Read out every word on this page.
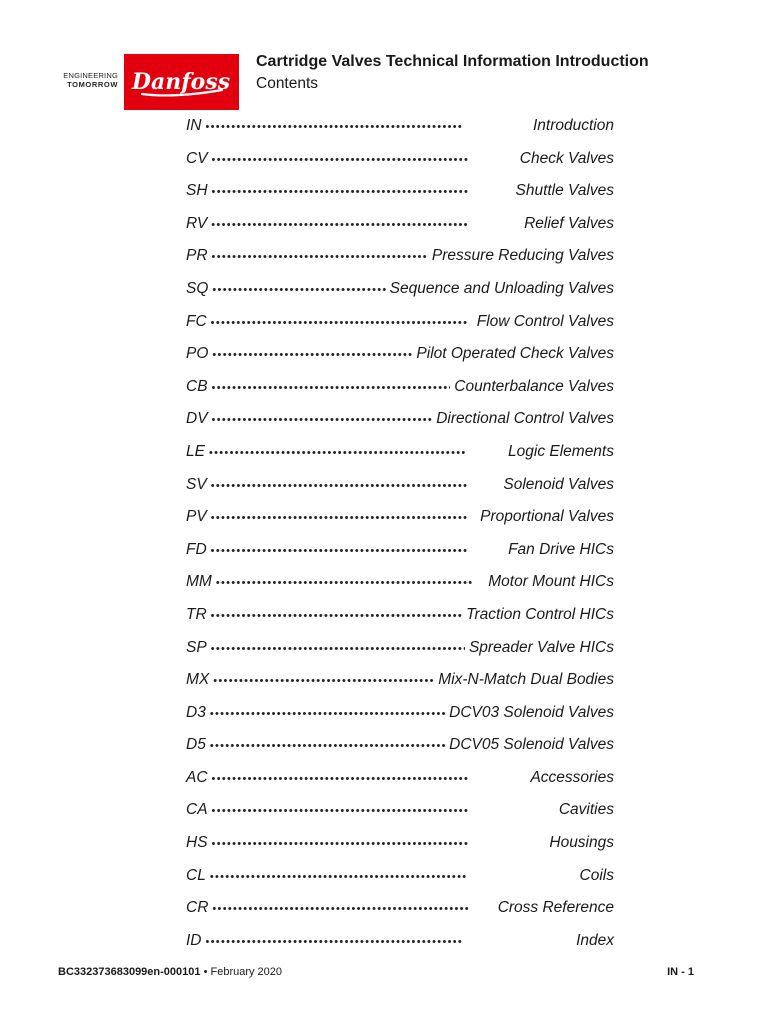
ENGINEERING
TOMORROW Danfoss
Cartridge Valves Technical Information Introduction
Contents
IN •••••	Introduction
CV •••••	Check Valves
SH •••••	Shuttle Valves
RV •••••	Relief Valves
PR •••••	Pressure Reducing Valves
SQ •••••	Sequence and Unloading Valves
FC •••••	Flow Control Valves
PO •••••	Pilot Operated Check Valves
CB •••••	Counterbalance Valves
DV •••••	Directional Control Valves
LE •••••	Logic Elements
SV •••••	Solenoid Valves
PV •••••	Proportional Valves
FD •••••	Fan Drive HICs
MM •••••	Motor Mount HICs
TR •••••	Traction Control HICs
SP •••••	Spreader Valve HICs
MX •••••	Mix-N-Match Dual Bodies
D3 •••••	DCV03 Solenoid Valves
D5 •••••	DCV05 Solenoid Valves
AC •••••	Accessories
CA •••••	Cavities
HS •••••	Housings
CL •••••	Coils
CR •••••	Cross Reference
ID •••••	Index
BC332373683099en-000101 • February 2020	IN - 1
